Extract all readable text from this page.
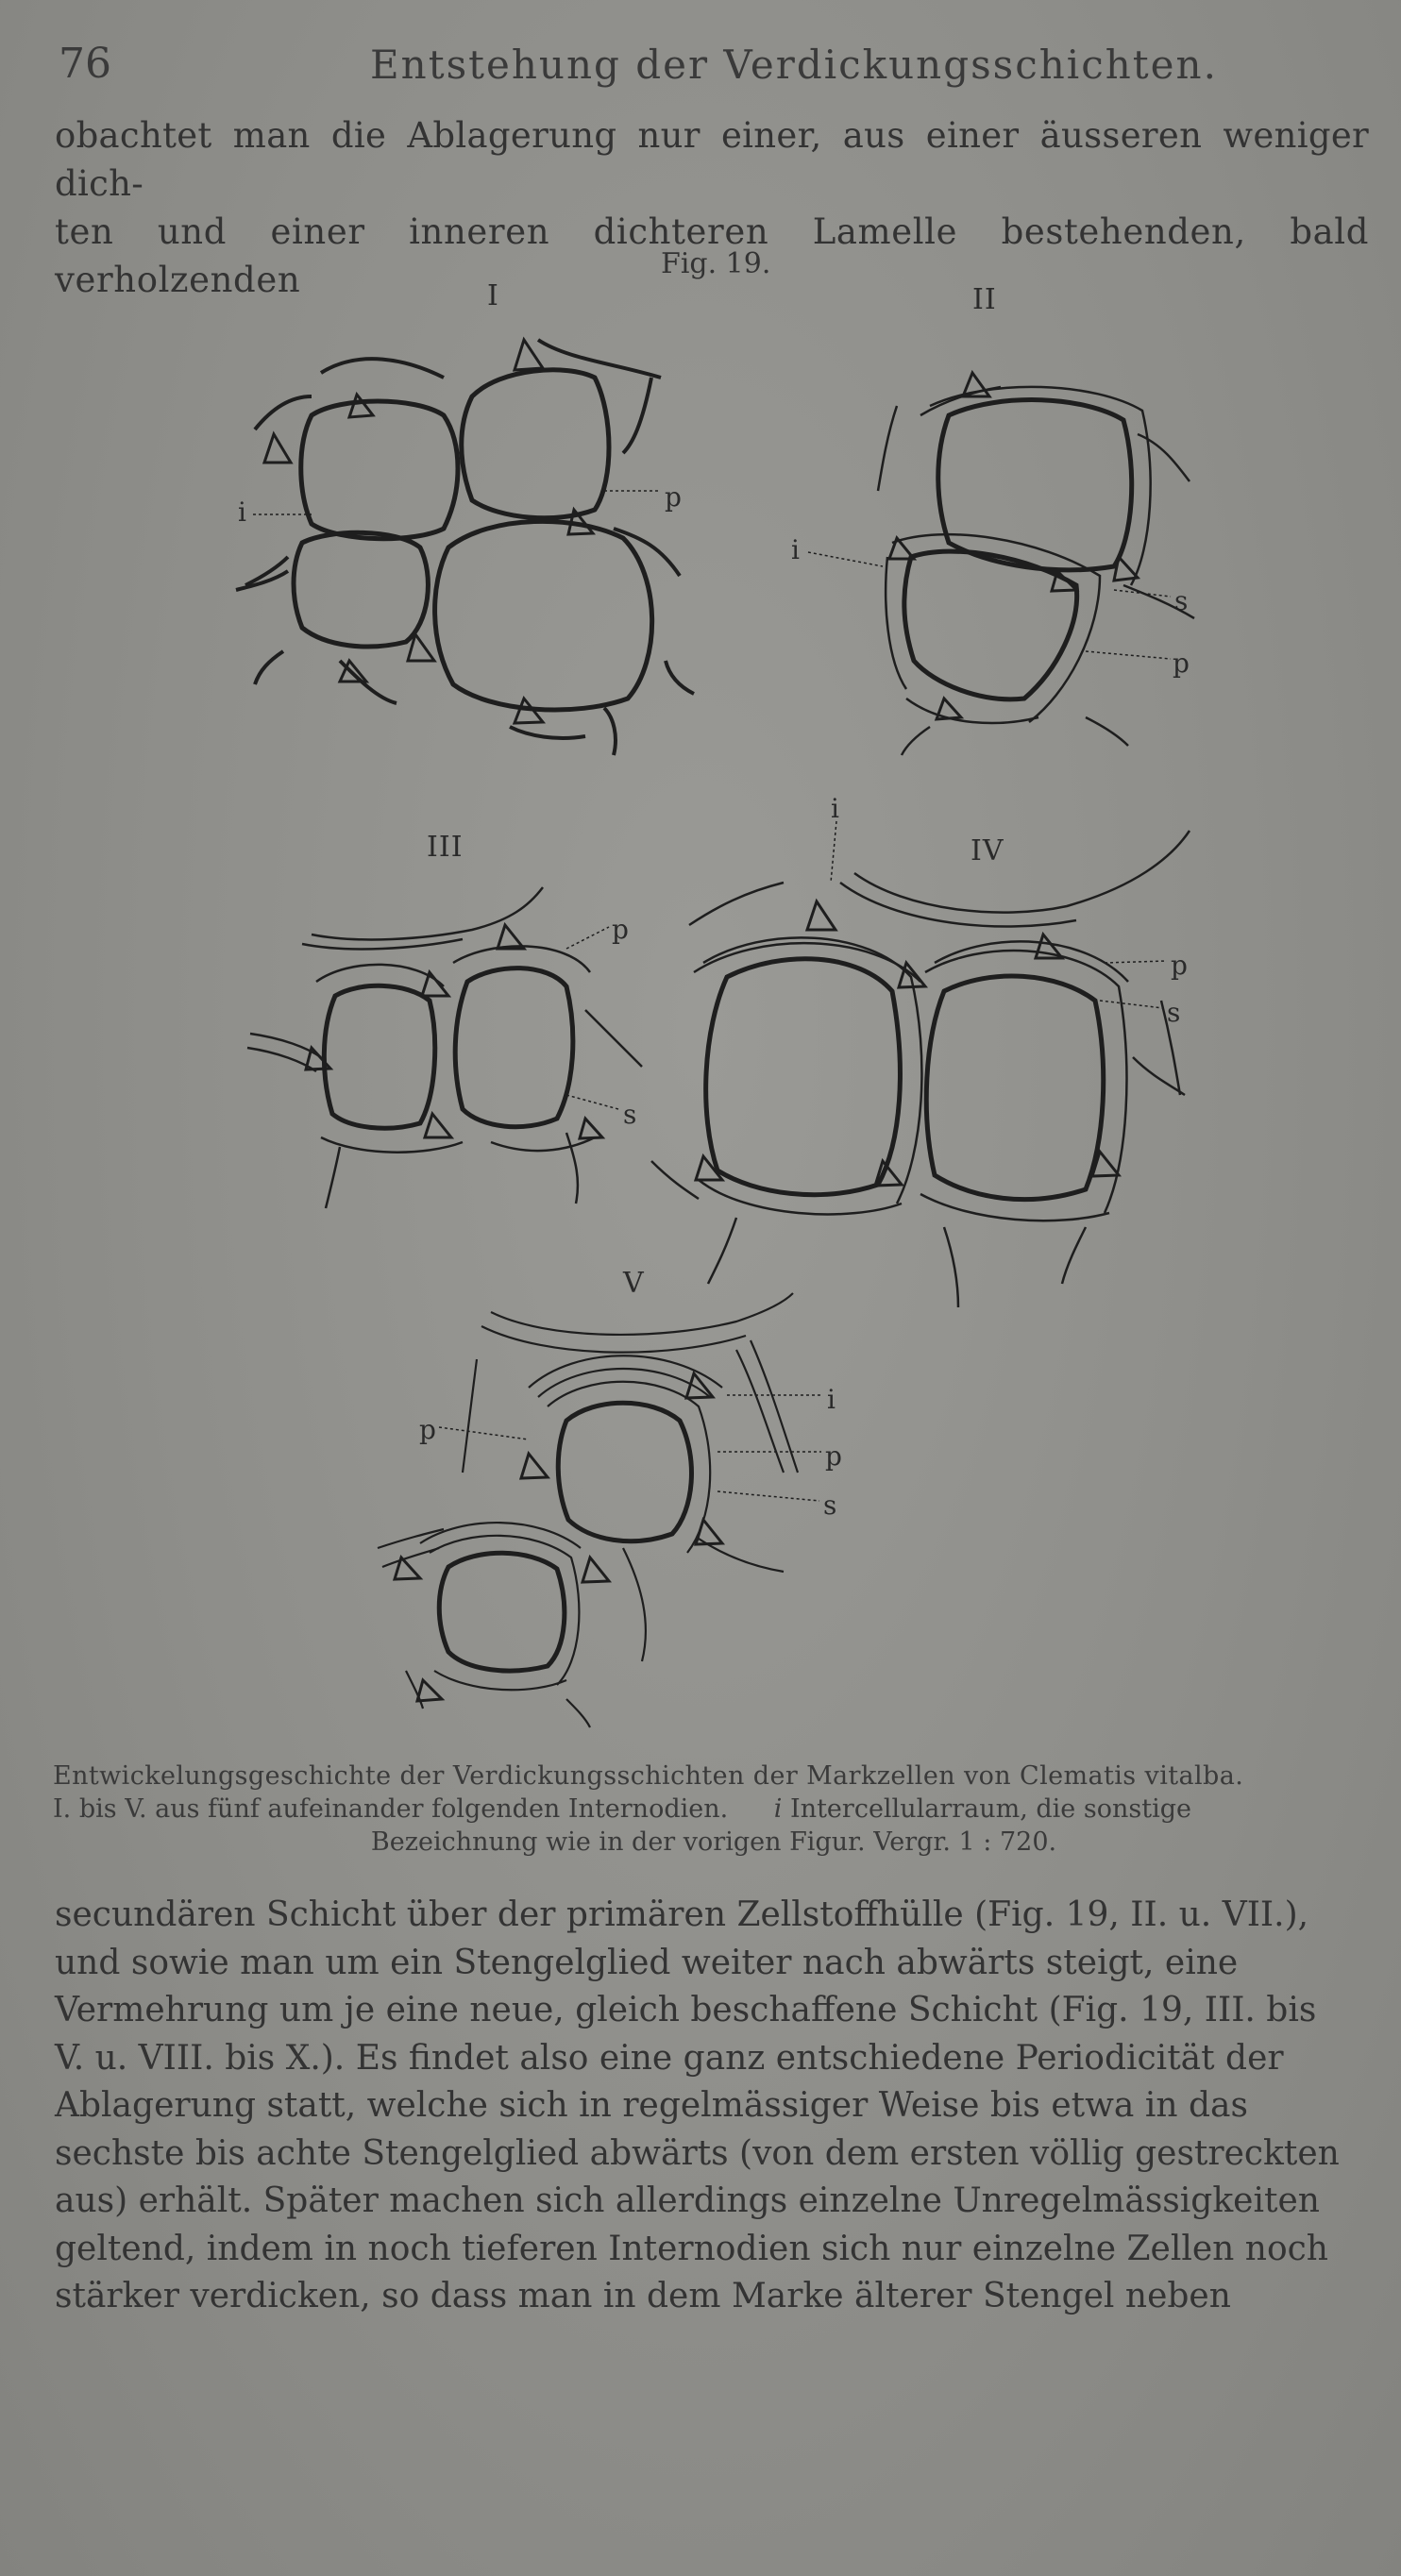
76	Entstehung der Verdickungsschichten.
obachtet man die Ablagerung nur einer, aus einer äusseren weniger dich-
ten und einer inneren dichteren Lamelle bestehenden, bald verholzenden	Fig. 19.
I	II
III	IV
V
i	p
i
s
p
i
p
s
p
s
i
p
p
s
Entwickelungsgeschichte der Verdickungsschichten der Markzellen von Clematis vitalba.
I. bis V. aus fünf aufeinander folgenden Internodien. i Intercellularraum, die sonstige
Bezeichnung wie in der vorigen Figur. Vergr. 1 : 720.
secundären Schicht über der primären Zellstoffhülle (Fig. 19, II. u. VII.),
und sowie man um ein Stengelglied weiter nach abwärts steigt, eine
Vermehrung um je eine neue, gleich beschaffene Schicht (Fig. 19, III. bis
V. u. VIII. bis X.). Es findet also eine ganz entschiedene Periodicität der
Ablagerung statt, welche sich in regelmässiger Weise bis etwa in das
sechste bis achte Stengelglied abwärts (von dem ersten völlig gestreckten
aus) erhält. Später machen sich allerdings einzelne Unregelmässigkeiten
geltend, indem in noch tieferen Internodien sich nur einzelne Zellen noch
stärker verdicken, so dass man in dem Marke älterer Stengel neben
